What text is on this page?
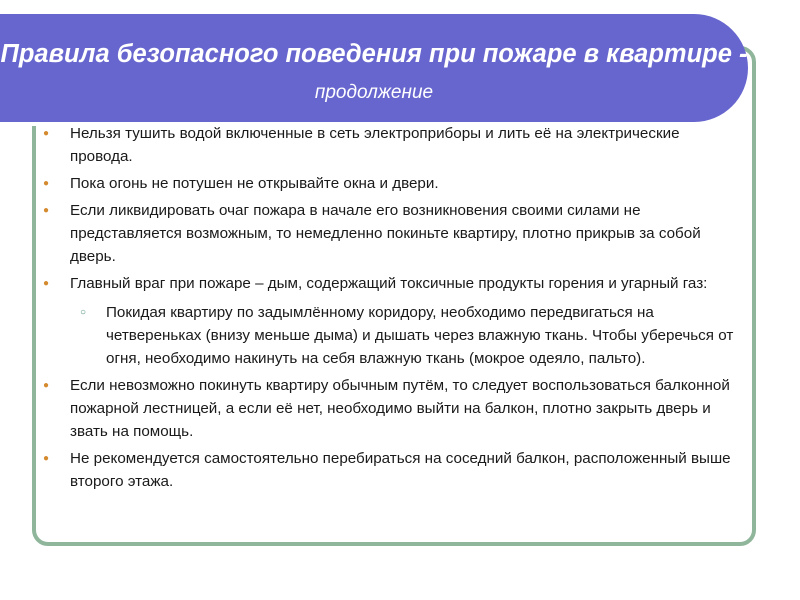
Правила безопасного поведения при пожаре в квартире - продолжение
● Нельзя тушить водой включенные в сеть электроприборы и лить её на электрические провода.
● Пока огонь не потушен не открывайте окна и двери.
● Если ликвидировать очаг пожара в начале его возникновения своими силами не представляется возможным, то немедленно покиньте квартиру, плотно прикрыв за собой дверь.
● Главный враг при пожаре – дым, содержащий токсичные продукты горения и угарный газ:
○ Покидая квартиру по задымлённому коридору, необходимо передвигаться на четвереньках (внизу меньше дыма) и дышать через влажную ткань. Чтобы уберечься от огня, необходимо накинуть на себя влажную ткань (мокрое одеяло, пальто).
● Если невозможно покинуть квартиру обычным путём, то следует воспользоваться балконной пожарной лестницей, а если её нет, необходимо выйти на балкон, плотно закрыть дверь и звать на помощь.
● Не рекомендуется самостоятельно перебираться на соседний балкон, расположенный выше второго этажа.
